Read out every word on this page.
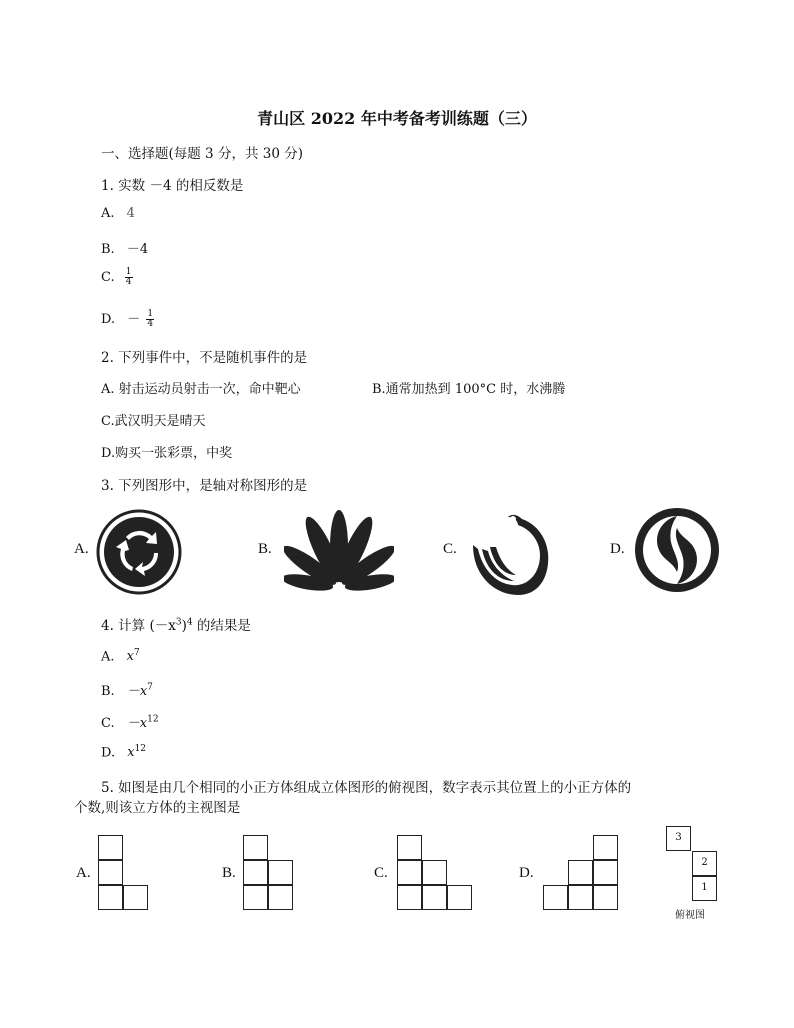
青山区 2022 年中考备考训练题（三）
一、选择题(每题 3 分，共 30 分)
1. 实数 －4 的相反数是
A. 4
B. －4
C. $\frac{1}{4}$
D. － $\frac{1}{4}$
2. 下列事件中，不是随机事件的是
A. 射击运动员射击一次，命中靶心	B.通常加热到 100°C 时，水沸腾
C.武汉明天是晴天
D.购买一张彩票，中奖
3. 下列图形中，是轴对称图形的是
A.	B.	C.	D.
4. 计算 $(-x^3)^4$ 的结果是
A. $x^7$
B. $-x^7$
C. $-x^{12}$
D. $x^{12}$
5. 如图是由几个相同的小正方体组成立体图形的俯视图，数字表示其位置上的小正方体的
个数,则该立方体的主视图是
A.	B.	C.	D.
3
2
1
俯视图
